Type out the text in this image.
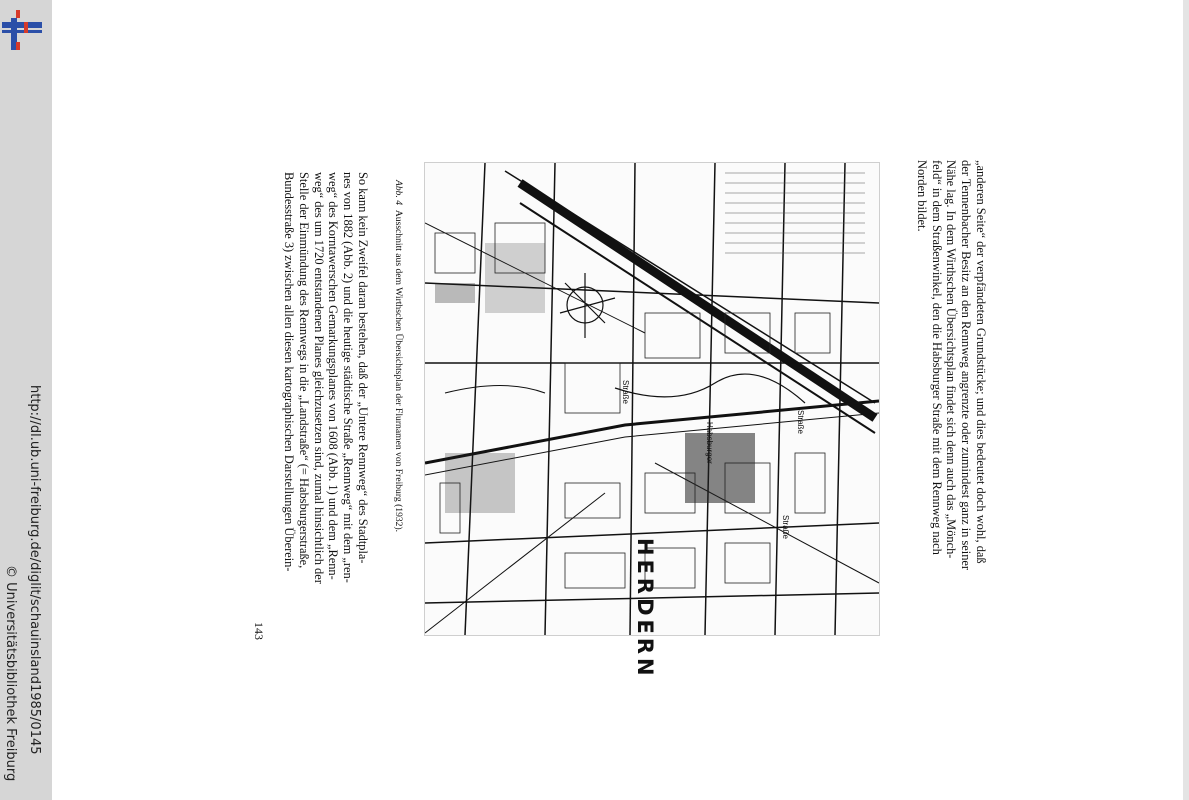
http://dl.ub.uni-freiburg.de/diglit/schauinsland1985/0145
© Universitätsbibliothek Freiburg
„anderen Seite“ der verpfändeten Grundstücke; und dies bedeutet doch wohl, daß
der Tennenbacher Besitz an den Rennweg angrenzte oder zumindest ganz in seiner
Nähe lag. In dem Wirthschen Übersichtsplan findet sich denn auch das „Mönch-
feld“ in dem Straßenwinkel, den die Habsburger Straße mit dem Rennweg nach
Norden bildet.
HERDERN
Habsburger
Straße
Straße
Straße
Abb. 4  Ausschnitt aus dem Wirthschen Übersichtsplan der Flurnamen von Freiburg (1932).
So kann kein Zweifel daran bestehen, daß der „Untere Rennweg“ des Stadtpla-
nes von 1882 (Abb. 2) und die heutige städtische Straße „Rennweg“ mit dem „ren-
weg“ des Korntawerschen Gemarkungsplanes von 1608 (Abb. 1) und dem „Renn-
weg“ des um 1720 entstandenen Planes gleichzusetzen sind, zumal hinsichtlich der
Stelle der Einmündung des Rennwegs in die „Landstraße“ (= Habsburgerstraße,
Bundesstraße 3) zwischen allen diesen kartographischen Darstellungen Überein-
143
